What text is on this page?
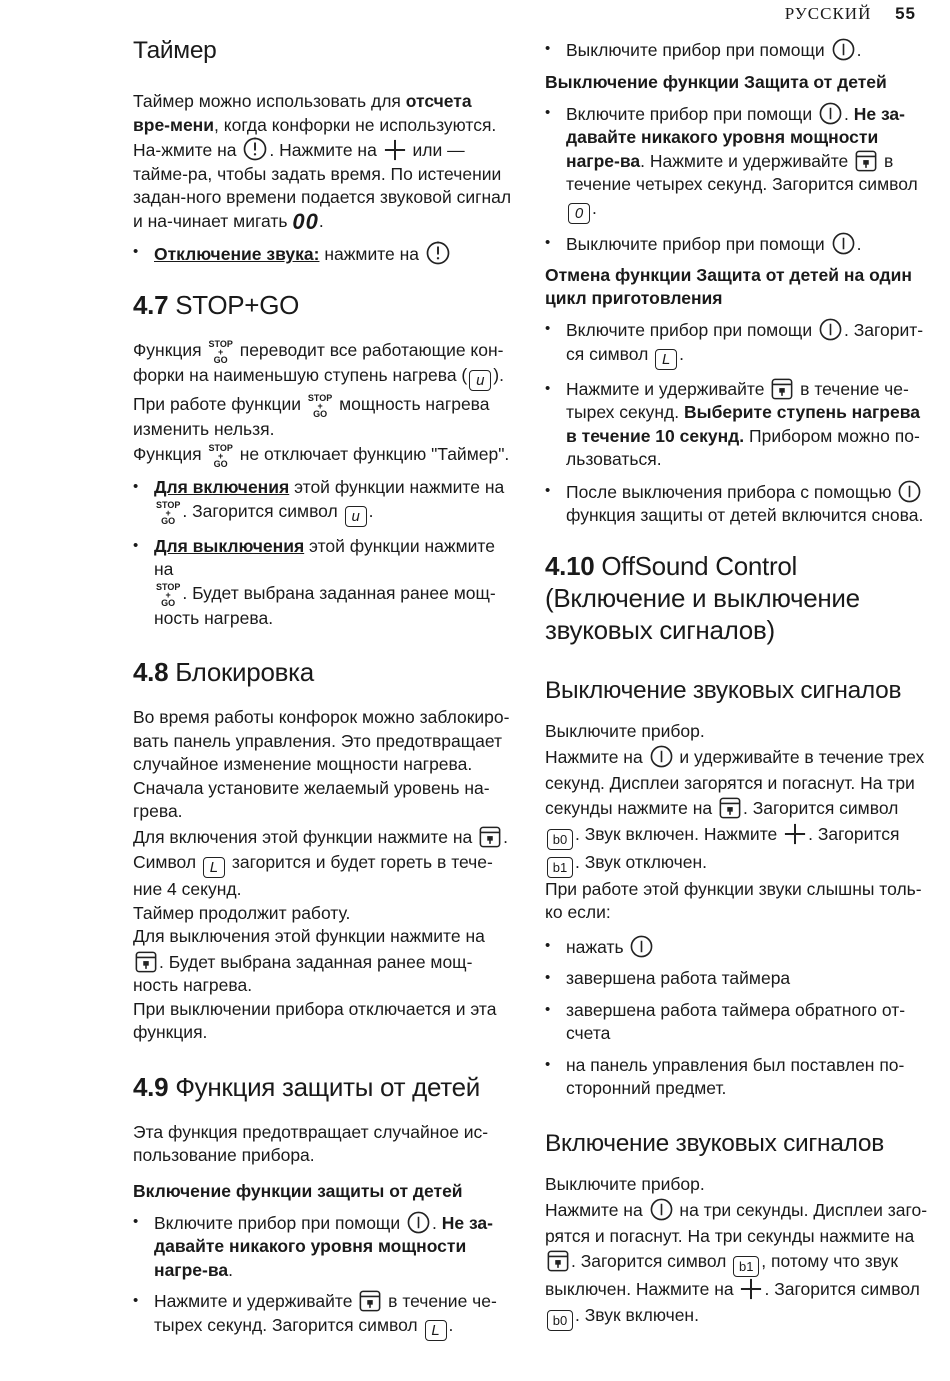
РУССКИЙ 55
Таймер

Таймер можно использовать для отсчета вре-мени, когда конфорки не используются. На-жмите на
. Нажмите на
или — тайме-ра, чтобы задать время. По истечении задан-ного времени подается звуковой сигнал и на-чинает мигать 00.

• Отключение звука: нажмите на
4.7 STOP+GO

Функция STOP
+
GO переводит все работающие кон-форки на наименьшую ступень нагрева ( u ).

При работе функции STOP
+
GO мощность нагрева изменить нельзя.

Функция STOP
+
GO не отключает функцию "Таймер".

• Для включения этой функции нажмите на
STOP
+
GO . Загорится символ u .
• Для выключения этой функции нажмите на
STOP
+
GO . Будет выбрана заданная ранее мощ-ность нагрева.
4.8 Блокировка

Во время работы конфорок можно заблокиро-вать панель управления. Это предотвращает случайное изменение мощности нагрева.

Сначала установите желаемый уровень на-грева.

Для включения этой функции нажмите на
.

Символ L загорится и будет гореть в тече-ние 4 секунд.

Таймер продолжит работу.

Для выключения этой функции нажмите на

. Будет выбрана заданная ранее мощ-ность нагрева.

При выключении прибора отключается и эта функция.

4.9 Функция защиты от детей

Эта функция предотвращает случайное ис-пользование прибора.

Включение функции защиты от детей
• Включите прибор при помощи
. Не за-давайте никакого уровня мощности нагре-ва.
• Нажмите и удерживайте
в течение че-тырех секунд. Загорится символ L .
• Выключите прибор при помощи
.
Выключение функции Защита от детей
• Включите прибор при помощи
. Не за-давайте никакого уровня мощности нагре-ва. Нажмите и удерживайте
в течение четырех секунд. Загорится символ 0 .
• Выключите прибор при помощи
.
Отмена функции Защита от детей на один цикл приготовления
• Включите прибор при помощи
. Загорит-ся символ L .
• Нажмите и удерживайте
в течение че-тырех секунд. Выберите ступень нагрева в течение 10 секунд. Прибором можно по-льзоваться.
• После выключения прибора с помощью
функция защиты от детей включится снова.
4.10 OffSound Control (Включение и выключение звуковых сигналов)
Выключение звуковых сигналов

Выключите прибор.

Нажмите на
и удерживайте в течение трех секунд. Дисплеи загорятся и погаснут. На три секунды нажмите на
. Загорится символ
b0 . Звук включен. Нажмите
. Загорится
b1 . Звук отключен.

При работе этой функции звуки слышны толь-ко если:

• нажать
• завершена работа таймера
• завершена работа таймера обратного от-счета
• на панель управления был поставлен по-сторонний предмет.
Включение звуковых сигналов

Выключите прибор.

Нажмите на
на три секунды. Дисплеи заго-рятся и погаснут. На три секунды нажмите на

. Загорится символ b1 , потому что звук выключен. Нажмите на
. Загорится символ
b0 . Звук включен.
